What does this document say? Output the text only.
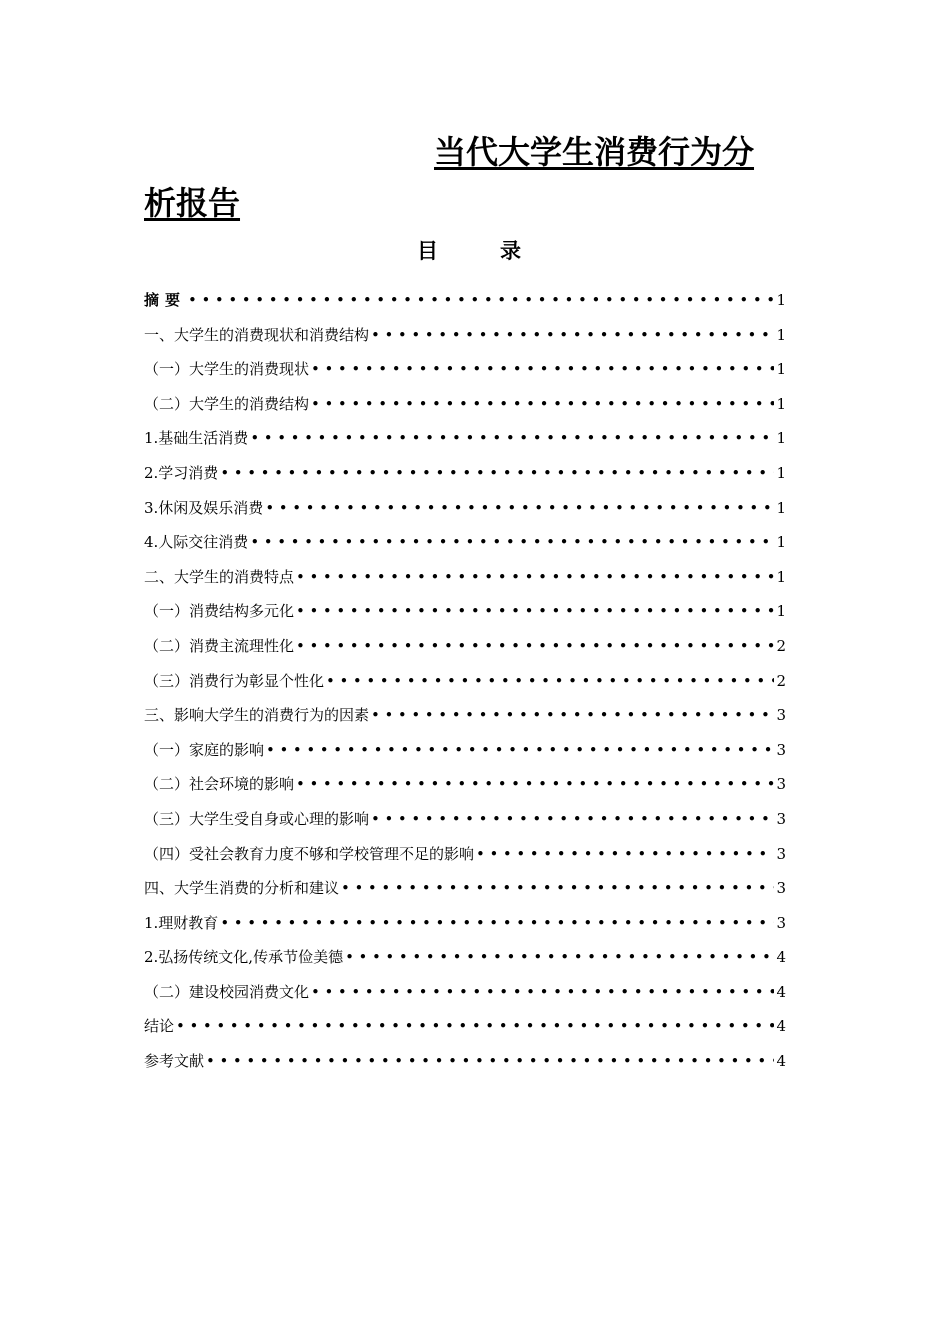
当代大学生消费行为分
析报告
目录
摘要 •••••	1
一、大学生的消费现状和消费结构 •••••	1
（一）大学生的消费现状 •••••	1
（二）大学生的消费结构 •••••	1
1.基础生活消费 •••••	1
2.学习消费 •••••	1
3.休闲及娱乐消费 •••••	1
4.人际交往消费 •••••	1
二、大学生的消费特点 •••••	1
（一）消费结构多元化 •••••	1
（二）消费主流理性化 •••••	2
（三）消费行为彰显个性化 •••••	2
三、影响大学生的消费行为的因素 •••••	3
（一）家庭的影响 •••••	3
（二）社会环境的影响 •••••	3
（三）大学生受自身或心理的影响 •••••	3
（四）受社会教育力度不够和学校管理不足的影响 •••••	3
四、大学生消费的分析和建议 •••••	3
1.理财教育 •••••	3
2.弘扬传统文化,传承节俭美德 •••••	4
（二）建设校园消费文化 •••••	4
结论 •••••	4
参考文献 •••••	4
